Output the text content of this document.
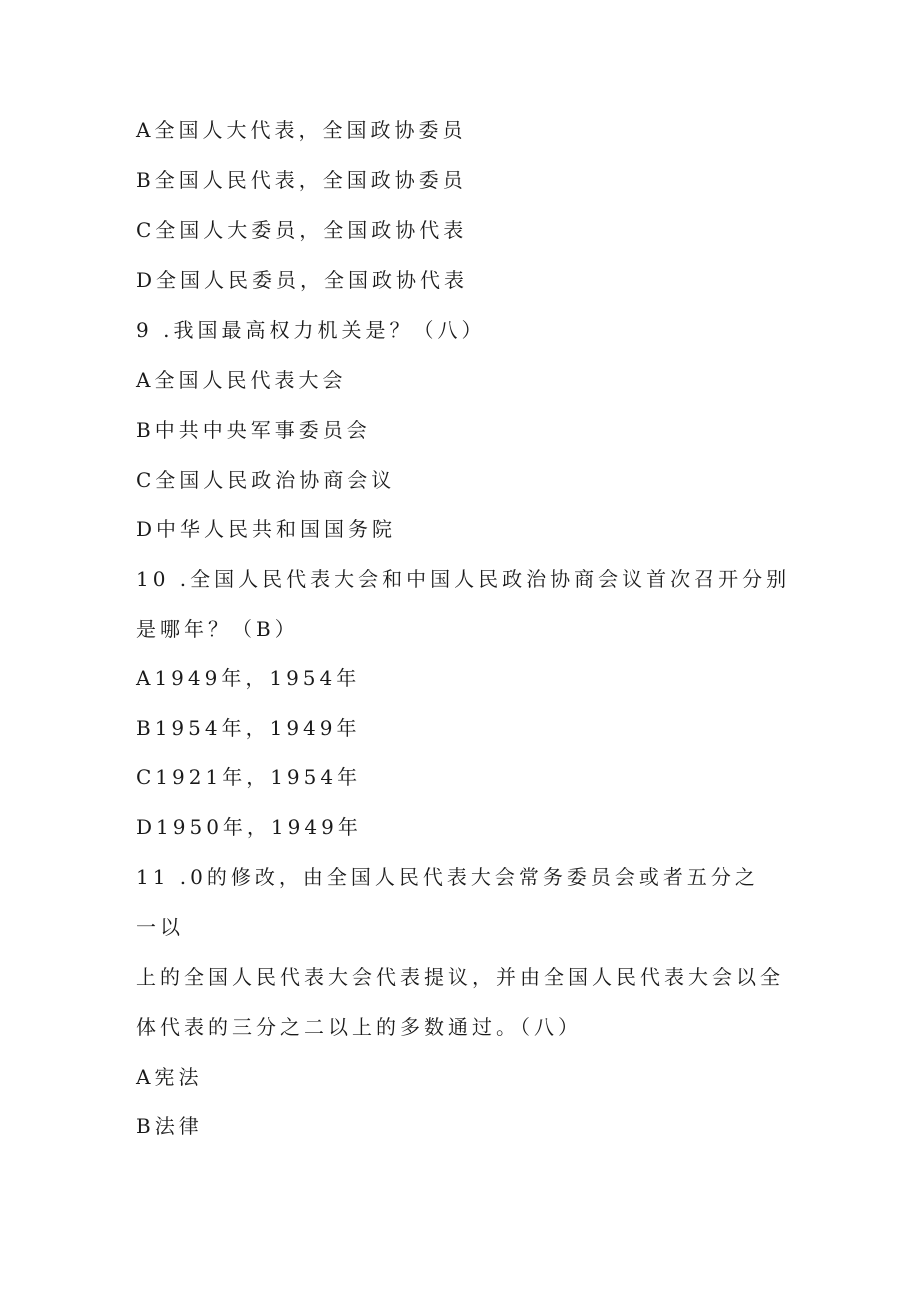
A全国人大代表，全国政协委员

B全国人民代表，全国政协委员

C全国人大委员，全国政协代表

D全国人民委员，全国政协代表

9 .我国最高权力机关是？（八）

A全国人民代表大会

B中共中央军事委员会

C全国人民政治协商会议

D中华人民共和国国务院

10 .全国人民代表大会和中国人民政治协商会议首次召开分别

是哪年？（B）

A1949年，1954年

B1954年，1949年

C1921年，1954年

D1950年，1949年

11 .0的修改，由全国人民代表大会常务委员会或者五分之

一以

上的全国人民代表大会代表提议，并由全国人民代表大会以全

体代表的三分之二以上的多数通过。（八）

A宪法

B法律
